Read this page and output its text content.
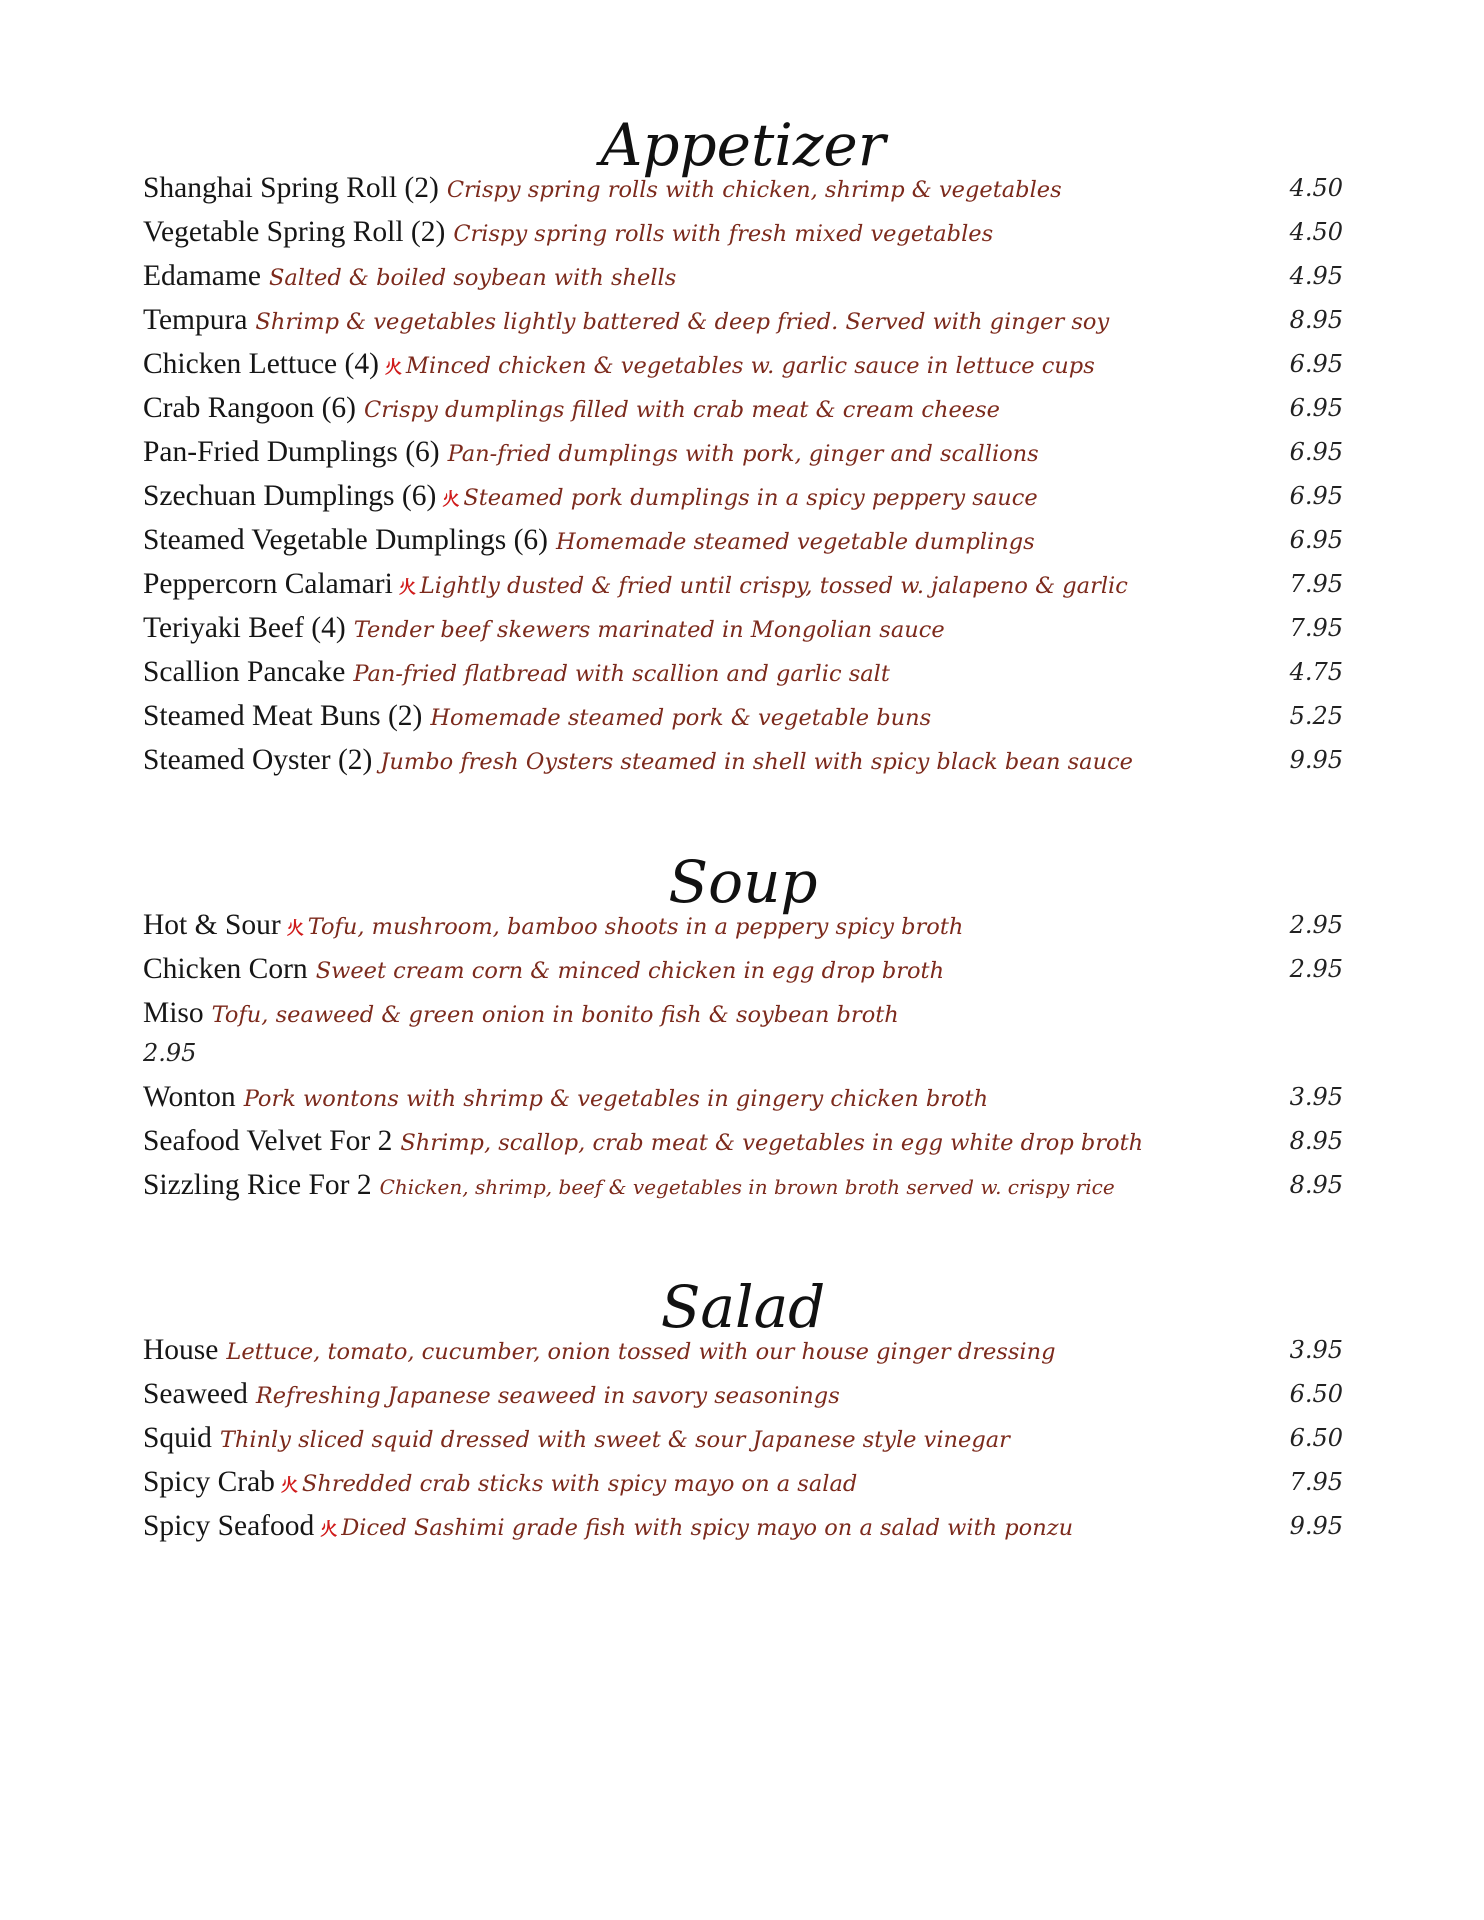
Appetizer
Shanghai Spring Roll (2) Crispy spring rolls with chicken, shrimp & vegetables	4.50
Vegetable Spring Roll (2) Crispy spring rolls with fresh mixed vegetables	4.50
Edamame Salted & boiled soybean with shells	4.95
Tempura Shrimp & vegetables lightly battered & deep fried. Served with ginger soy	8.95
Chicken Lettuce (4) 火 Minced chicken & vegetables w. garlic sauce in lettuce cups	6.95
Crab Rangoon (6) Crispy dumplings filled with crab meat & cream cheese	6.95
Pan-Fried Dumplings (6) Pan-fried dumplings with pork, ginger and scallions	6.95
Szechuan Dumplings (6) 火 Steamed pork dumplings in a spicy peppery sauce	6.95
Steamed Vegetable Dumplings (6) Homemade steamed vegetable dumplings	6.95
Peppercorn Calamari 火 Lightly dusted & fried until crispy, tossed w. jalapeno & garlic	7.95
Teriyaki Beef (4) Tender beef skewers marinated in Mongolian sauce	7.95
Scallion Pancake Pan-fried flatbread with scallion and garlic salt	4.75
Steamed Meat Buns (2) Homemade steamed pork & vegetable buns	5.25
Steamed Oyster (2) Jumbo fresh Oysters steamed in shell with spicy black bean sauce	9.95
Soup
Hot & Sour 火 Tofu, mushroom, bamboo shoots in a peppery spicy broth	2.95
Chicken Corn Sweet cream corn & minced chicken in egg drop broth	2.95
Miso Tofu, seaweed & green onion in bonito fish & soybean broth
2.95
Wonton Pork wontons with shrimp & vegetables in gingery chicken broth	3.95
Seafood Velvet For 2 Shrimp, scallop, crab meat & vegetables in egg white drop broth	8.95
Sizzling Rice For 2 Chicken, shrimp, beef & vegetables in brown broth served w. crispy rice	8.95
Salad
House Lettuce, tomato, cucumber, onion tossed with our house ginger dressing	3.95
Seaweed Refreshing Japanese seaweed in savory seasonings	6.50
Squid Thinly sliced squid dressed with sweet & sour Japanese style vinegar	6.50
Spicy Crab 火 Shredded crab sticks with spicy mayo on a salad	7.95
Spicy Seafood 火 Diced Sashimi grade fish with spicy mayo on a salad with ponzu	9.95
